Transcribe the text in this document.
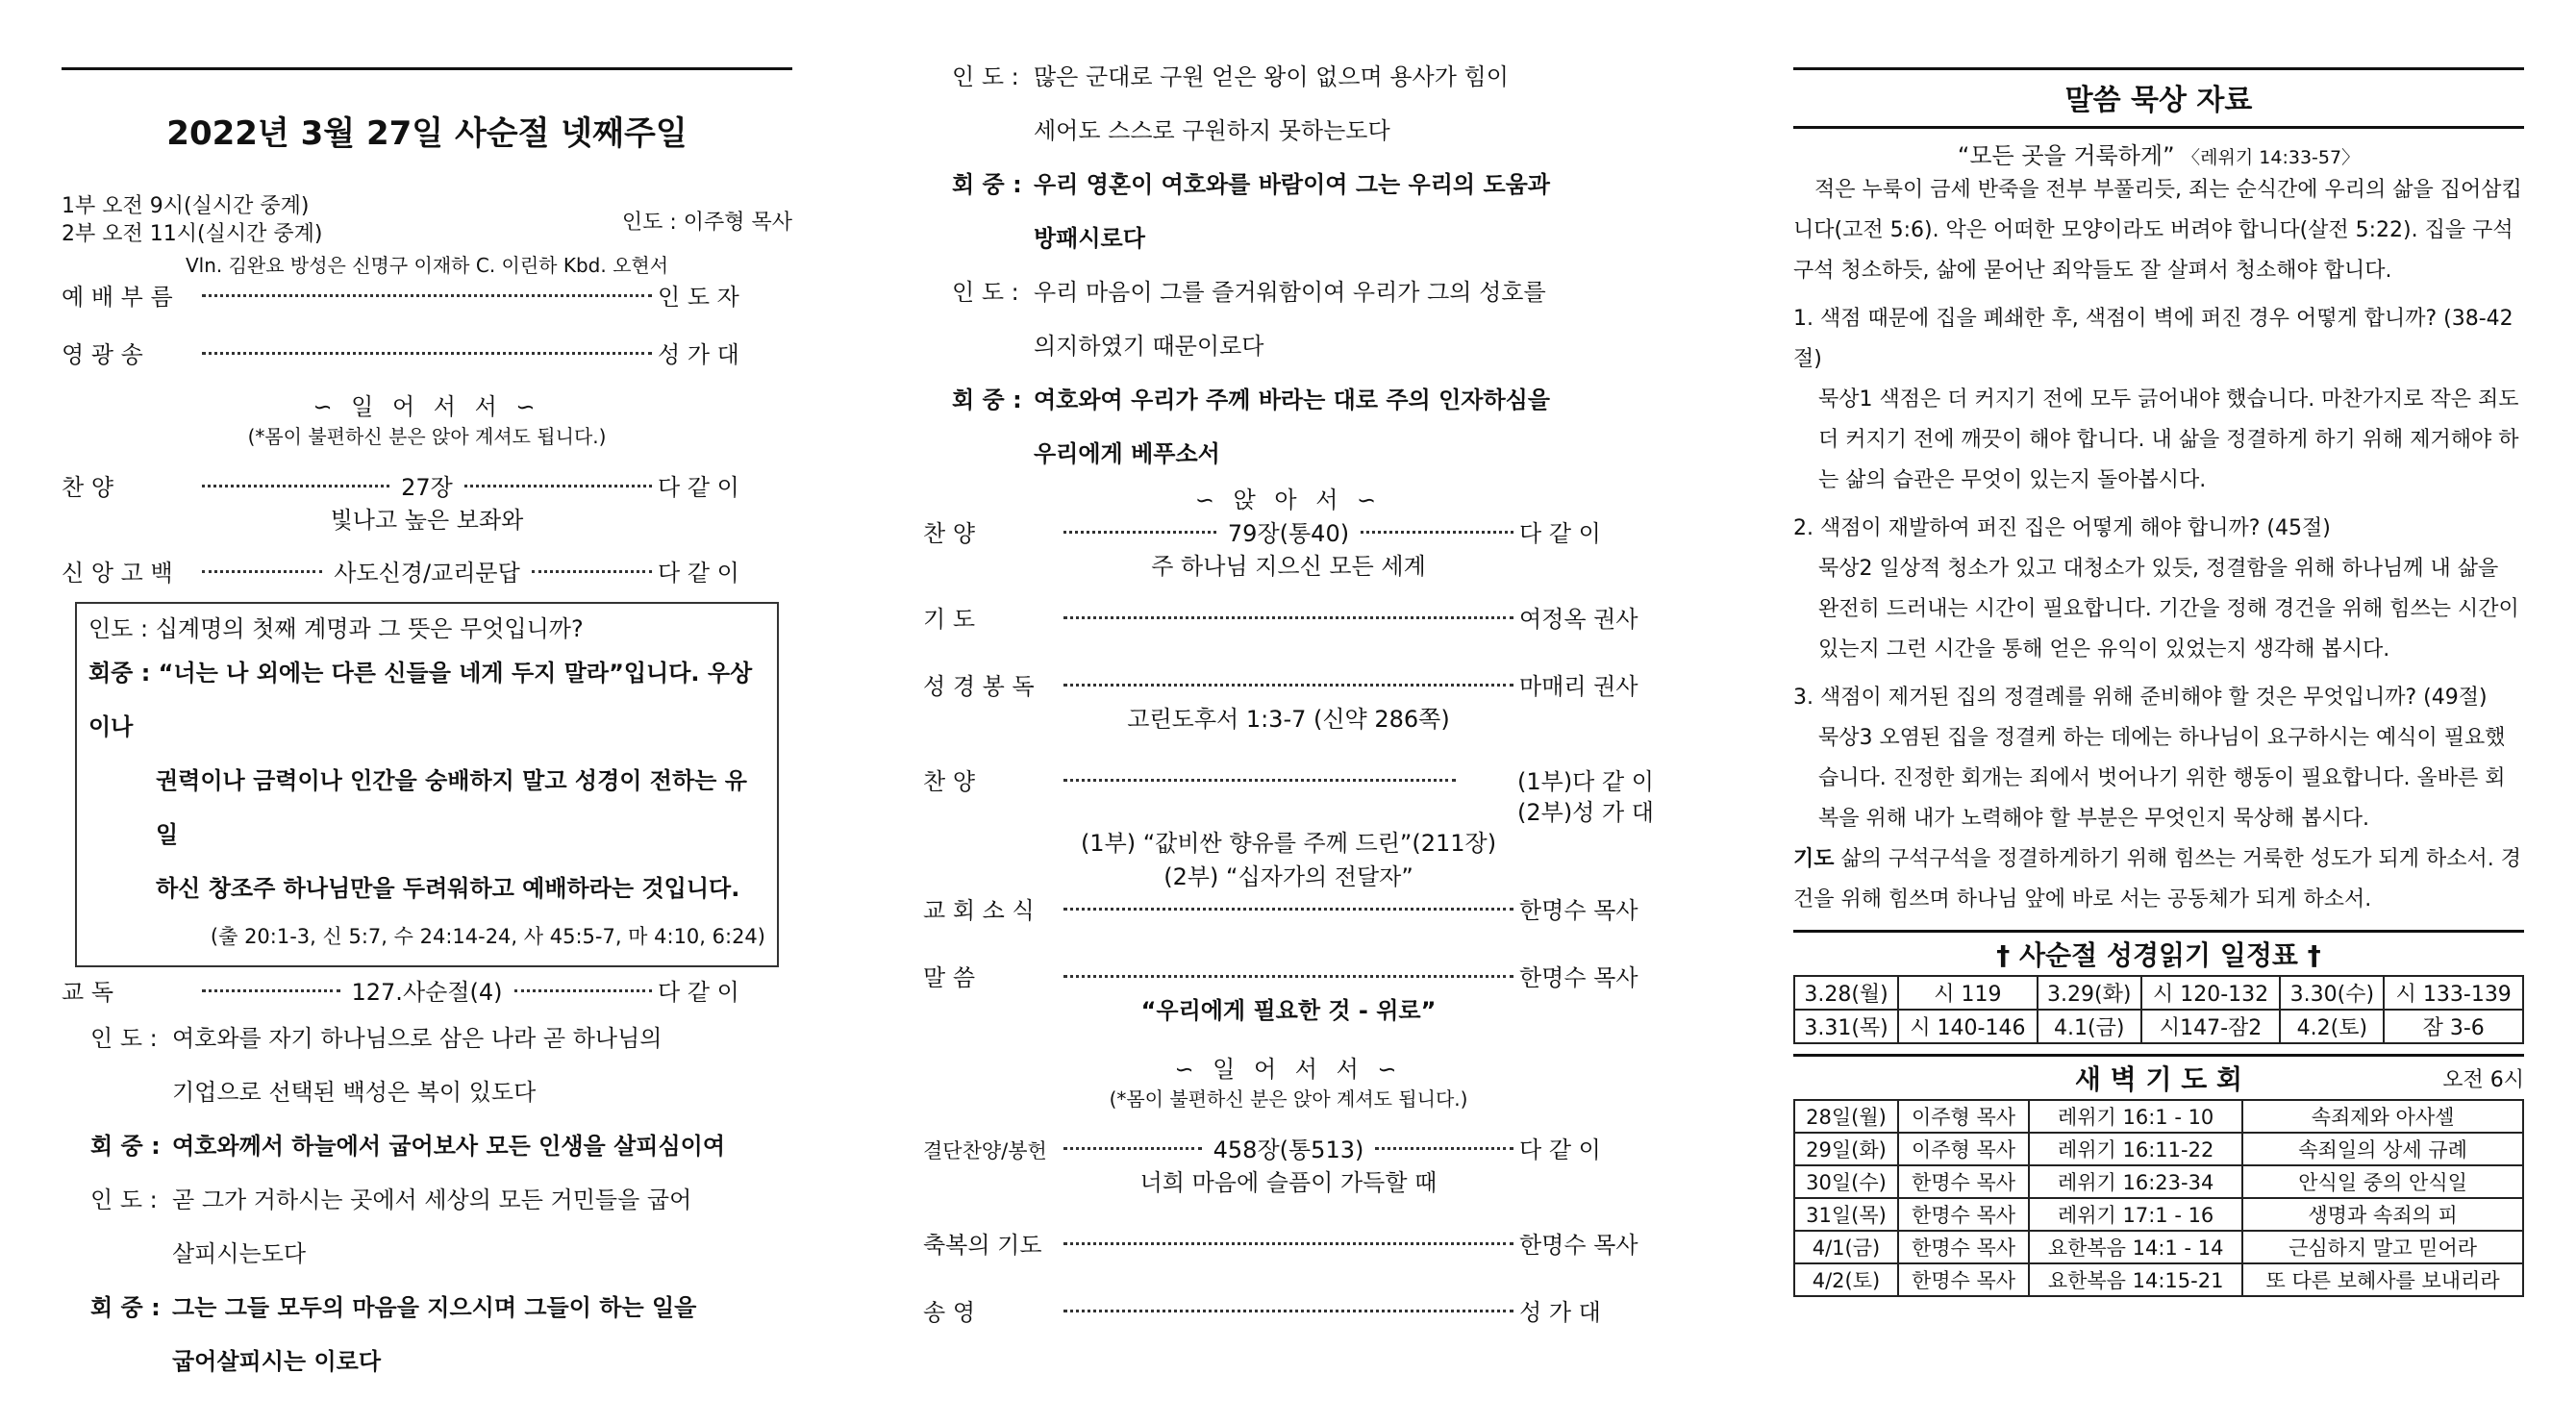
2022년 3월 27일 사순절 넷째주일
1부 오전 9시(실시간 중계)
2부 오전 11시(실시간 중계)	인도 : 이주형 목사
Vln. 김완요 방성은 신명구 이재하 C. 이린하 Kbd. 오현서
예 배 부 름	인 도 자
영 광 송	성 가 대
∽ 일 어 서 서 ∽
(*몸이 불편하신 분은 앉아 계셔도 됩니다.)
찬 양	27장	다 같 이
빛나고 높은 보좌와
신 앙 고 백	사도신경/교리문답	다 같 이
인도 : 십계명의 첫째 계명과 그 뜻은 무엇입니까?
회중 : “너는 나 외에는 다른 신들을 네게 두지 말라”입니다. 우상이나
권력이나 금력이나 인간을 숭배하지 말고 성경이 전하는 유일
하신 창조주 하나님만을 두려워하고 예배하라는 것입니다.
(출 20:1-3, 신 5:7, 수 24:14-24, 사 45:5-7, 마 4:10, 6:24)
교 독	127.사순절(4)	다 같 이
인 도 : 여호와를 자기 하나님으로 삼은 나라 곧 하나님의
기업으로 선택된 백성은 복이 있도다
회 중 : 여호와께서 하늘에서 굽어보사 모든 인생을 살피심이여
인 도 : 곧 그가 거하시는 곳에서 세상의 모든 거민들을 굽어
살피시는도다
회 중 : 그는 그들 모두의 마음을 지으시며 그들이 하는 일을
굽어살피시는 이로다
인 도 : 많은 군대로 구원 얻은 왕이 없으며 용사가 힘이
세어도 스스로 구원하지 못하는도다
회 중 : 우리 영혼이 여호와를 바람이여 그는 우리의 도움과
방패시로다
인 도 : 우리 마음이 그를 즐거워함이여 우리가 그의 성호를
의지하였기 때문이로다
회 중 : 여호와여 우리가 주께 바라는 대로 주의 인자하심을
우리에게 베푸소서
∽ 앉 아 서 ∽
찬 양	79장(통40)	다 같 이
주 하나님 지으신 모든 세계
기 도	여정옥 권사
성 경 봉 독	마매리 권사
고린도후서 1:3-7 (신약 286쪽)
찬 양	(1부)다 같 이
(2부)성 가 대
(1부) “값비싼 향유를 주께 드린”(211장)
(2부) “십자가의 전달자”
교 회 소 식	한명수 목사
말 씀	한명수 목사
“우리에게 필요한 것 - 위로”
∽ 일 어 서 서 ∽
(*몸이 불편하신 분은 앉아 계셔도 됩니다.)
결단찬양/봉헌	458장(통513)	다 같 이
너희 마음에 슬픔이 가득할 때
축복의 기도	한명수 목사
송 영	성 가 대
말씀 묵상 자료
“모든 곳을 거룩하게” 〈레위기 14:33-57〉
적은 누룩이 금세 반죽을 전부 부풀리듯, 죄는 순식간에 우리의 삶을 집어삼킵니다(고전 5:6). 악은 어떠한 모양이라도 버려야 합니다(살전 5:22). 집을 구석구석 청소하듯, 삶에 묻어난 죄악들도 잘 살펴서 청소해야 합니다.
1. 색점 때문에 집을 폐쇄한 후, 색점이 벽에 퍼진 경우 어떻게 합니까? (38-42절)
묵상1 색점은 더 커지기 전에 모두 긁어내야 했습니다. 마찬가지로 작은 죄도 더 커지기 전에 깨끗이 해야 합니다. 내 삶을 정결하게 하기 위해 제거해야 하는 삶의 습관은 무엇이 있는지 돌아봅시다.
2. 색점이 재발하여 퍼진 집은 어떻게 해야 합니까? (45절)
묵상2 일상적 청소가 있고 대청소가 있듯, 정결함을 위해 하나님께 내 삶을 완전히 드러내는 시간이 필요합니다. 기간을 정해 경건을 위해 힘쓰는 시간이 있는지 그런 시간을 통해 얻은 유익이 있었는지 생각해 봅시다.
3. 색점이 제거된 집의 정결례를 위해 준비해야 할 것은 무엇입니까? (49절)
묵상3 오염된 집을 정결케 하는 데에는 하나님이 요구하시는 예식이 필요했습니다. 진정한 회개는 죄에서 벗어나기 위한 행동이 필요합니다. 올바른 회복을 위해 내가 노력해야 할 부분은 무엇인지 묵상해 봅시다.
기도 삶의 구석구석을 정결하게하기 위해 힘쓰는 거룩한 성도가 되게 하소서. 경건을 위해 힘쓰며 하나님 앞에 바로 서는 공동체가 되게 하소서.
† 사순절 성경읽기 일정표 †
3.28(월)	시 119	3.29(화)	시 120-132	3.30(수)	시 133-139
3.31(목)	시 140-146	4.1(금)	시147-잠2	4.2(토)	잠 3-6
새 벽 기 도 회	오전 6시
28일(월)	이주형 목사	레위기 16:1 - 10	속죄제와 아사셀
29일(화)	이주형 목사	레위기 16:11-22	속죄일의 상세 규례
30일(수)	한명수 목사	레위기 16:23-34	안식일 중의 안식일
31일(목)	한명수 목사	레위기 17:1 - 16	생명과 속죄의 피
4/1(금)	한명수 목사	요한복음 14:1 - 14	근심하지 말고 믿어라
4/2(토)	한명수 목사	요한복음 14:15-21	또 다른 보혜사를 보내리라
